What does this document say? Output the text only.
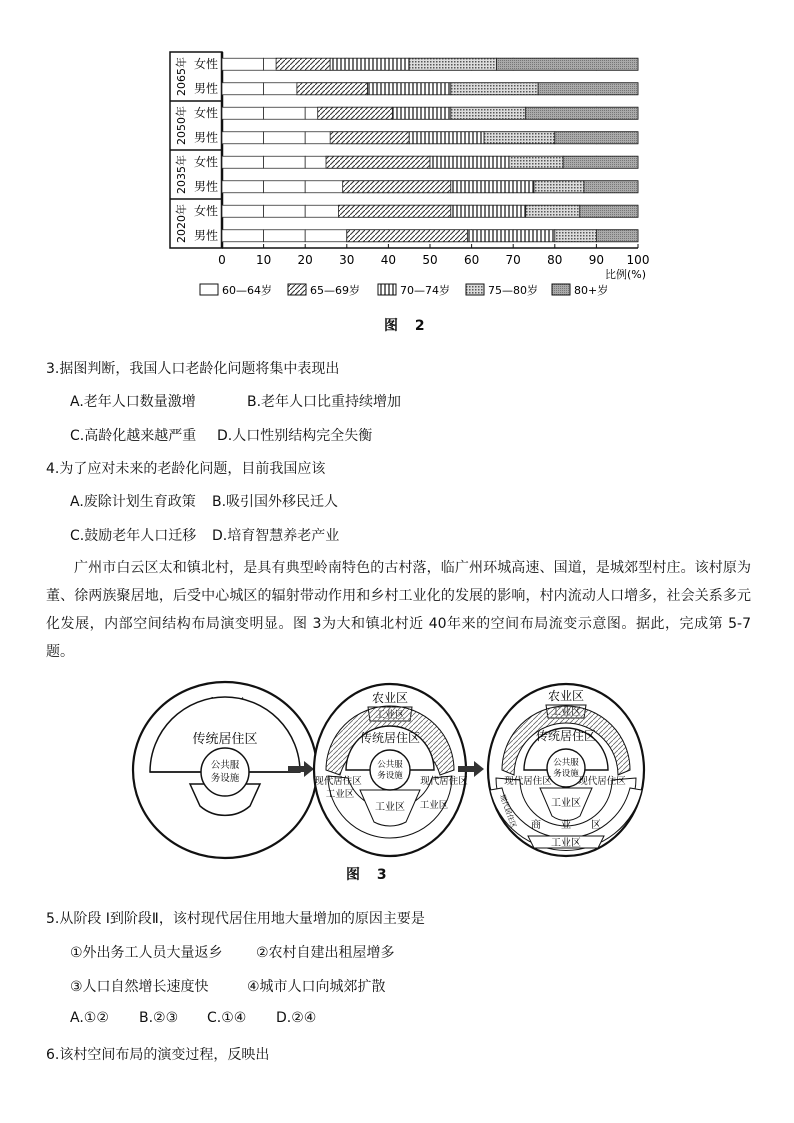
2065年
2050年
2035年
2020年
女性
男性
女性
男性
女性
男性
女性
男性
0	10 20 30 40 50 60 70 80 90 100
比例(%)
60—64岁	65—69岁	70—74岁	75—80岁	80+岁
图 2
3.据图判断，我国人口老龄化问题将集中表现出
A.老年人口数量激增	B.老年人口比重持续增加
C.高龄化越来越严重 D.人口性别结构完全失衡
4.为了应对未来的老龄化问题，目前我国应该
A.废除计划生育政策 B.吸引国外移民迁人
C.鼓励老年人口迁移 D.培育智慧养老产业
广州市白云区太和镇北村，是具有典型岭南特色的古村落，临广州环城高速、国道，是城郊型村庄。该村原为董、徐两族聚居地，后受中心城区的辐射带动作用和乡村工业化的发展的影响，村内流动人口增多，社会关系多元化发展，内部空间结构布局演变明显。图 3为大和镇北村近 40年来的空间布局流变示意图。据此，完成第 5-7题。
传统居住区
公共服
务设施
农业区
传统居住区
工业区
公共服
务设施
现代居住区
工业区
现代居住区
工业区
农业区
传统居住区
工业区
公共服
务设施
现代居住区	现代居住区
商　　业　　区
工业区
现代居住区
图 3
5.从阶段 I到阶段Ⅱ，该村现代居住用地大量增加的原因主要是
①外出务工人员大量返乡 ②农村自建出租屋增多
③人口自然增长速度快	④城市人口向城郊扩散
A.①② B.②③ C.①④ D.②④
6.该村空间布局的演变过程，反映出
